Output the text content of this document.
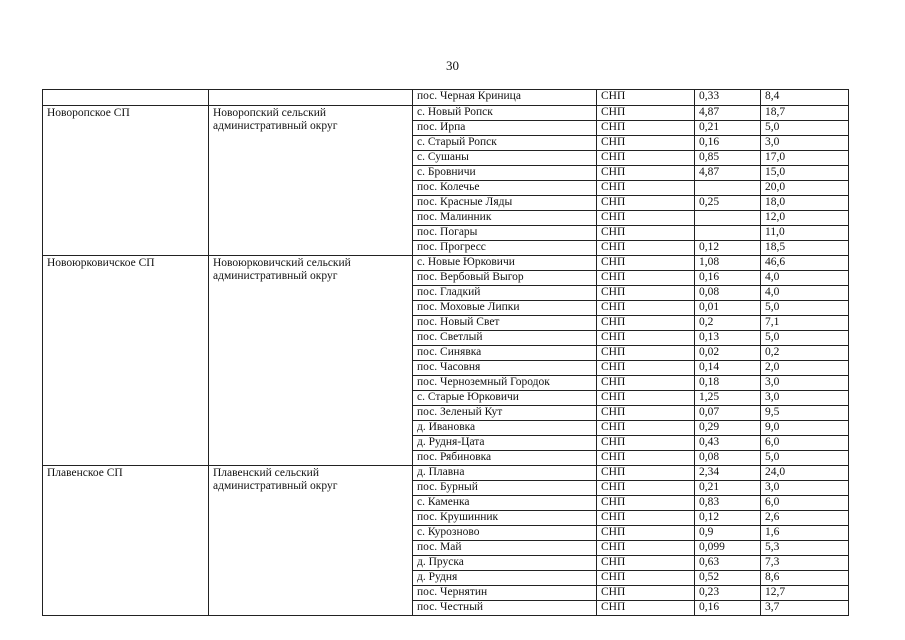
30
		пос. Черная Криница	СНП	0,33	8,4
Новоропское СП	Новоропский сельский административный округ	с. Новый Ропск	СНП	4,87	18,7
		пос. Ирпа	СНП	0,21	5,0
		с. Старый Ропск	СНП	0,16	3,0
		с. Сушаны	СНП	0,85	17,0
		с. Бровничи	СНП	4,87	15,0
		пос. Колечье	СНП		20,0
		пос. Красные Ляды	СНП	0,25	18,0
		пос. Малинник	СНП		12,0
		пос. Погары	СНП		11,0
		пос. Прогресс	СНП	0,12	18,5
Новоюрковичское СП	Новоюрковичский сельский административный округ	с. Новые Юрковичи	СНП	1,08	46,6
		пос. Вербовый Выгор	СНП	0,16	4,0
		пос. Гладкий	СНП	0,08	4,0
		пос. Моховые Липки	СНП	0,01	5,0
		пос. Новый Свет	СНП	0,2	7,1
		пос. Светлый	СНП	0,13	5,0
		пос. Синявка	СНП	0,02	0,2
		пос. Часовня	СНП	0,14	2,0
		пос. Черноземный Городок	СНП	0,18	3,0
		с. Старые Юрковичи	СНП	1,25	3,0
		пос. Зеленый Кут	СНП	0,07	9,5
		д. Ивановка	СНП	0,29	9,0
		д. Рудня-Цата	СНП	0,43	6,0
		пос. Рябиновка	СНП	0,08	5,0
Плавенское СП	Плавенский сельский административный округ	д. Плавна	СНП	2,34	24,0
		пос. Бурный	СНП	0,21	3,0
		с. Каменка	СНП	0,83	6,0
		пос. Крушинник	СНП	0,12	2,6
		с. Курозново	СНП	0,9	1,6
		пос. Май	СНП	0,099	5,3
		д. Пруска	СНП	0,63	7,3
		д. Рудня	СНП	0,52	8,6
		пос. Чернятин	СНП	0,23	12,7
		пос. Честный	СНП	0,16	3,7
